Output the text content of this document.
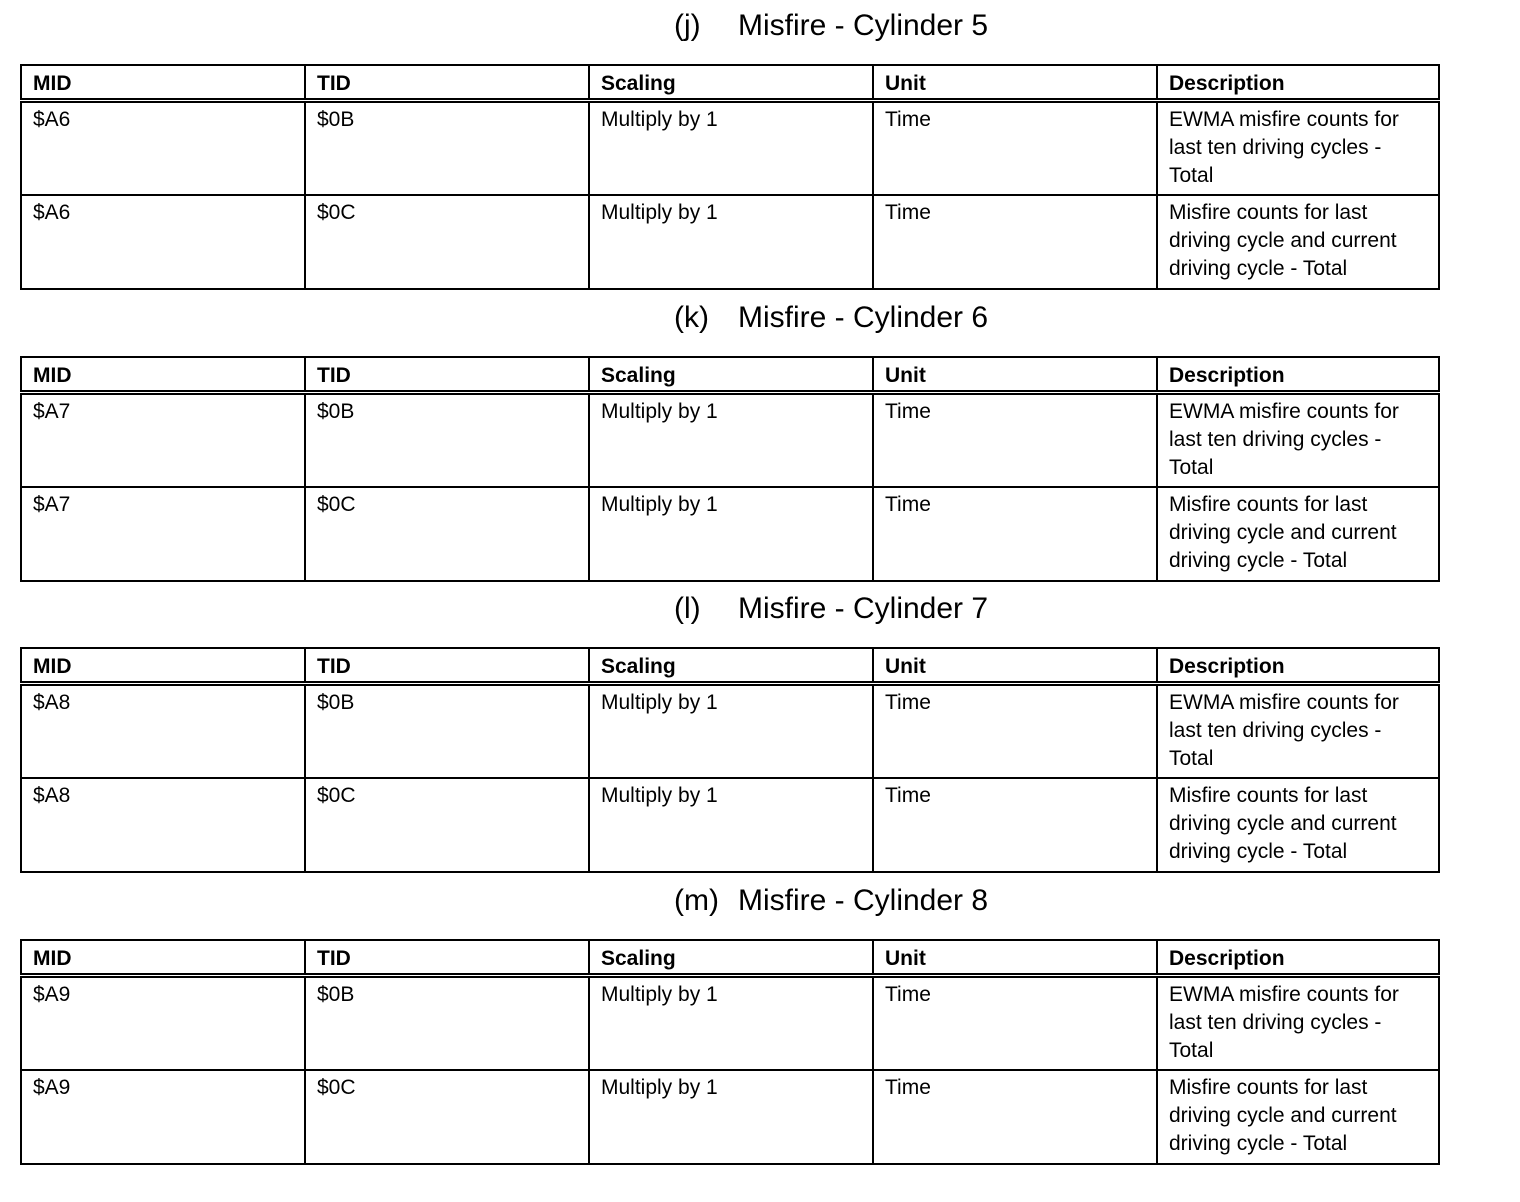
(j) Misfire - Cylinder 5
MID	TID	Scaling	Unit	Description
$A6	$0B	Multiply by 1	Time	EWMA misfire counts for last ten driving cycles - Total
$A6	$0C	Multiply by 1	Time	Misfire counts for last driving cycle and current driving cycle - Total
(k) Misfire - Cylinder 6
MID	TID	Scaling	Unit	Description
$A7	$0B	Multiply by 1	Time	EWMA misfire counts for last ten driving cycles - Total
$A7	$0C	Multiply by 1	Time	Misfire counts for last driving cycle and current driving cycle - Total
(l) Misfire - Cylinder 7
MID	TID	Scaling	Unit	Description
$A8	$0B	Multiply by 1	Time	EWMA misfire counts for last ten driving cycles - Total
$A8	$0C	Multiply by 1	Time	Misfire counts for last driving cycle and current driving cycle - Total
(m) Misfire - Cylinder 8
MID	TID	Scaling	Unit	Description
$A9	$0B	Multiply by 1	Time	EWMA misfire counts for last ten driving cycles - Total
$A9	$0C	Multiply by 1	Time	Misfire counts for last driving cycle and current driving cycle - Total
